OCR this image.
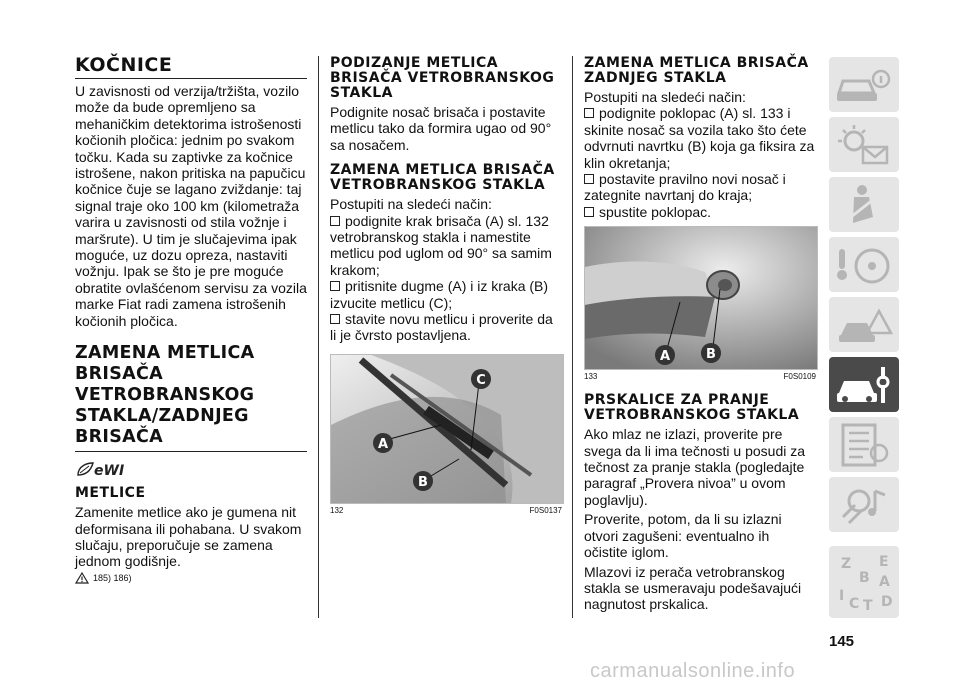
KOČNICE

U zavisnosti od verzija/tržišta, vozilo može da bude opremljeno sa mehaničkim detektorima istrošenosti kočionih pločica: jednim po svakom točku. Kada su zaptivke za kočnice istrošene, nakon pritiska na papučicu kočnice čuje se lagano zviždanje: taj signal traje oko 100 km (kilometraža varira u zavisnosti od stila vožnje i maršrute). U tim je slučajevima ipak moguće, uz dozu opreza, nastaviti vožnju. Ipak se što je pre moguće obratite ovlašćenom servisu za vozila marke Fiat radi zamena istrošenih kočionih pločica.

ZAMENA METLICA BRISAČA VETROBRANSKOG STAKLA/ZADNJEG BRISAČA
eWI
METLICE

Zamenite metlice ako je gumena nit deformisana ili pohabana. U svakom slučaju, preporučuje se zamena jednom godišnje.

185) 186)
PODIZANJE METLICA BRISAČA VETROBRANSKOG STAKLA

Podignite nosač brisača i postavite metlicu tako da formira ugao od 90° sa nosačem.

ZAMENA METLICA BRISAČA VETROBRANSKOG STAKLA

Postupiti na sledeći način:

podignite krak brisača (A) sl. 132 vetrobranskog stakla i namestite metlicu pod uglom od 90° sa samim krakom;
pritisnite dugme (A) i iz kraka (B) izvucite metlicu (C);
stavite novu metlicu i proverite da li je čvrsto postavljena.
C
A
B
132	F0S0137
ZAMENA METLICA BRISAČA ZADNJEG STAKLA

Postupiti na sledeći način:

podignite poklopac (A) sl. 133 i skinite nosač sa vozila tako što ćete odvrnuti navrtku (B) koja ga fiksira za klin okretanja;
postavite pravilno novi nosač i zategnite navrtanj do kraja;
spustite poklopac.
A	B
133	F0S0109
PRSKALICE ZA PRANJE VETROBRANSKOG STAKLA

Ako mlaz ne izlazi, proverite pre svega da li ima tečnosti u posudi za tečnost za pranje stakla (pogledajte paragraf „Provera nivoa” u ovom poglavlju).

Proverite, potom, da li su izlazni otvori zagušeni: eventualno ih očistite iglom.

Mlazovi iz perača vetrobranskog stakla se usmeravaju podešavajući nagnutost prskalica.

Z E
B A
I C T D
145
carmanualsonline.info
